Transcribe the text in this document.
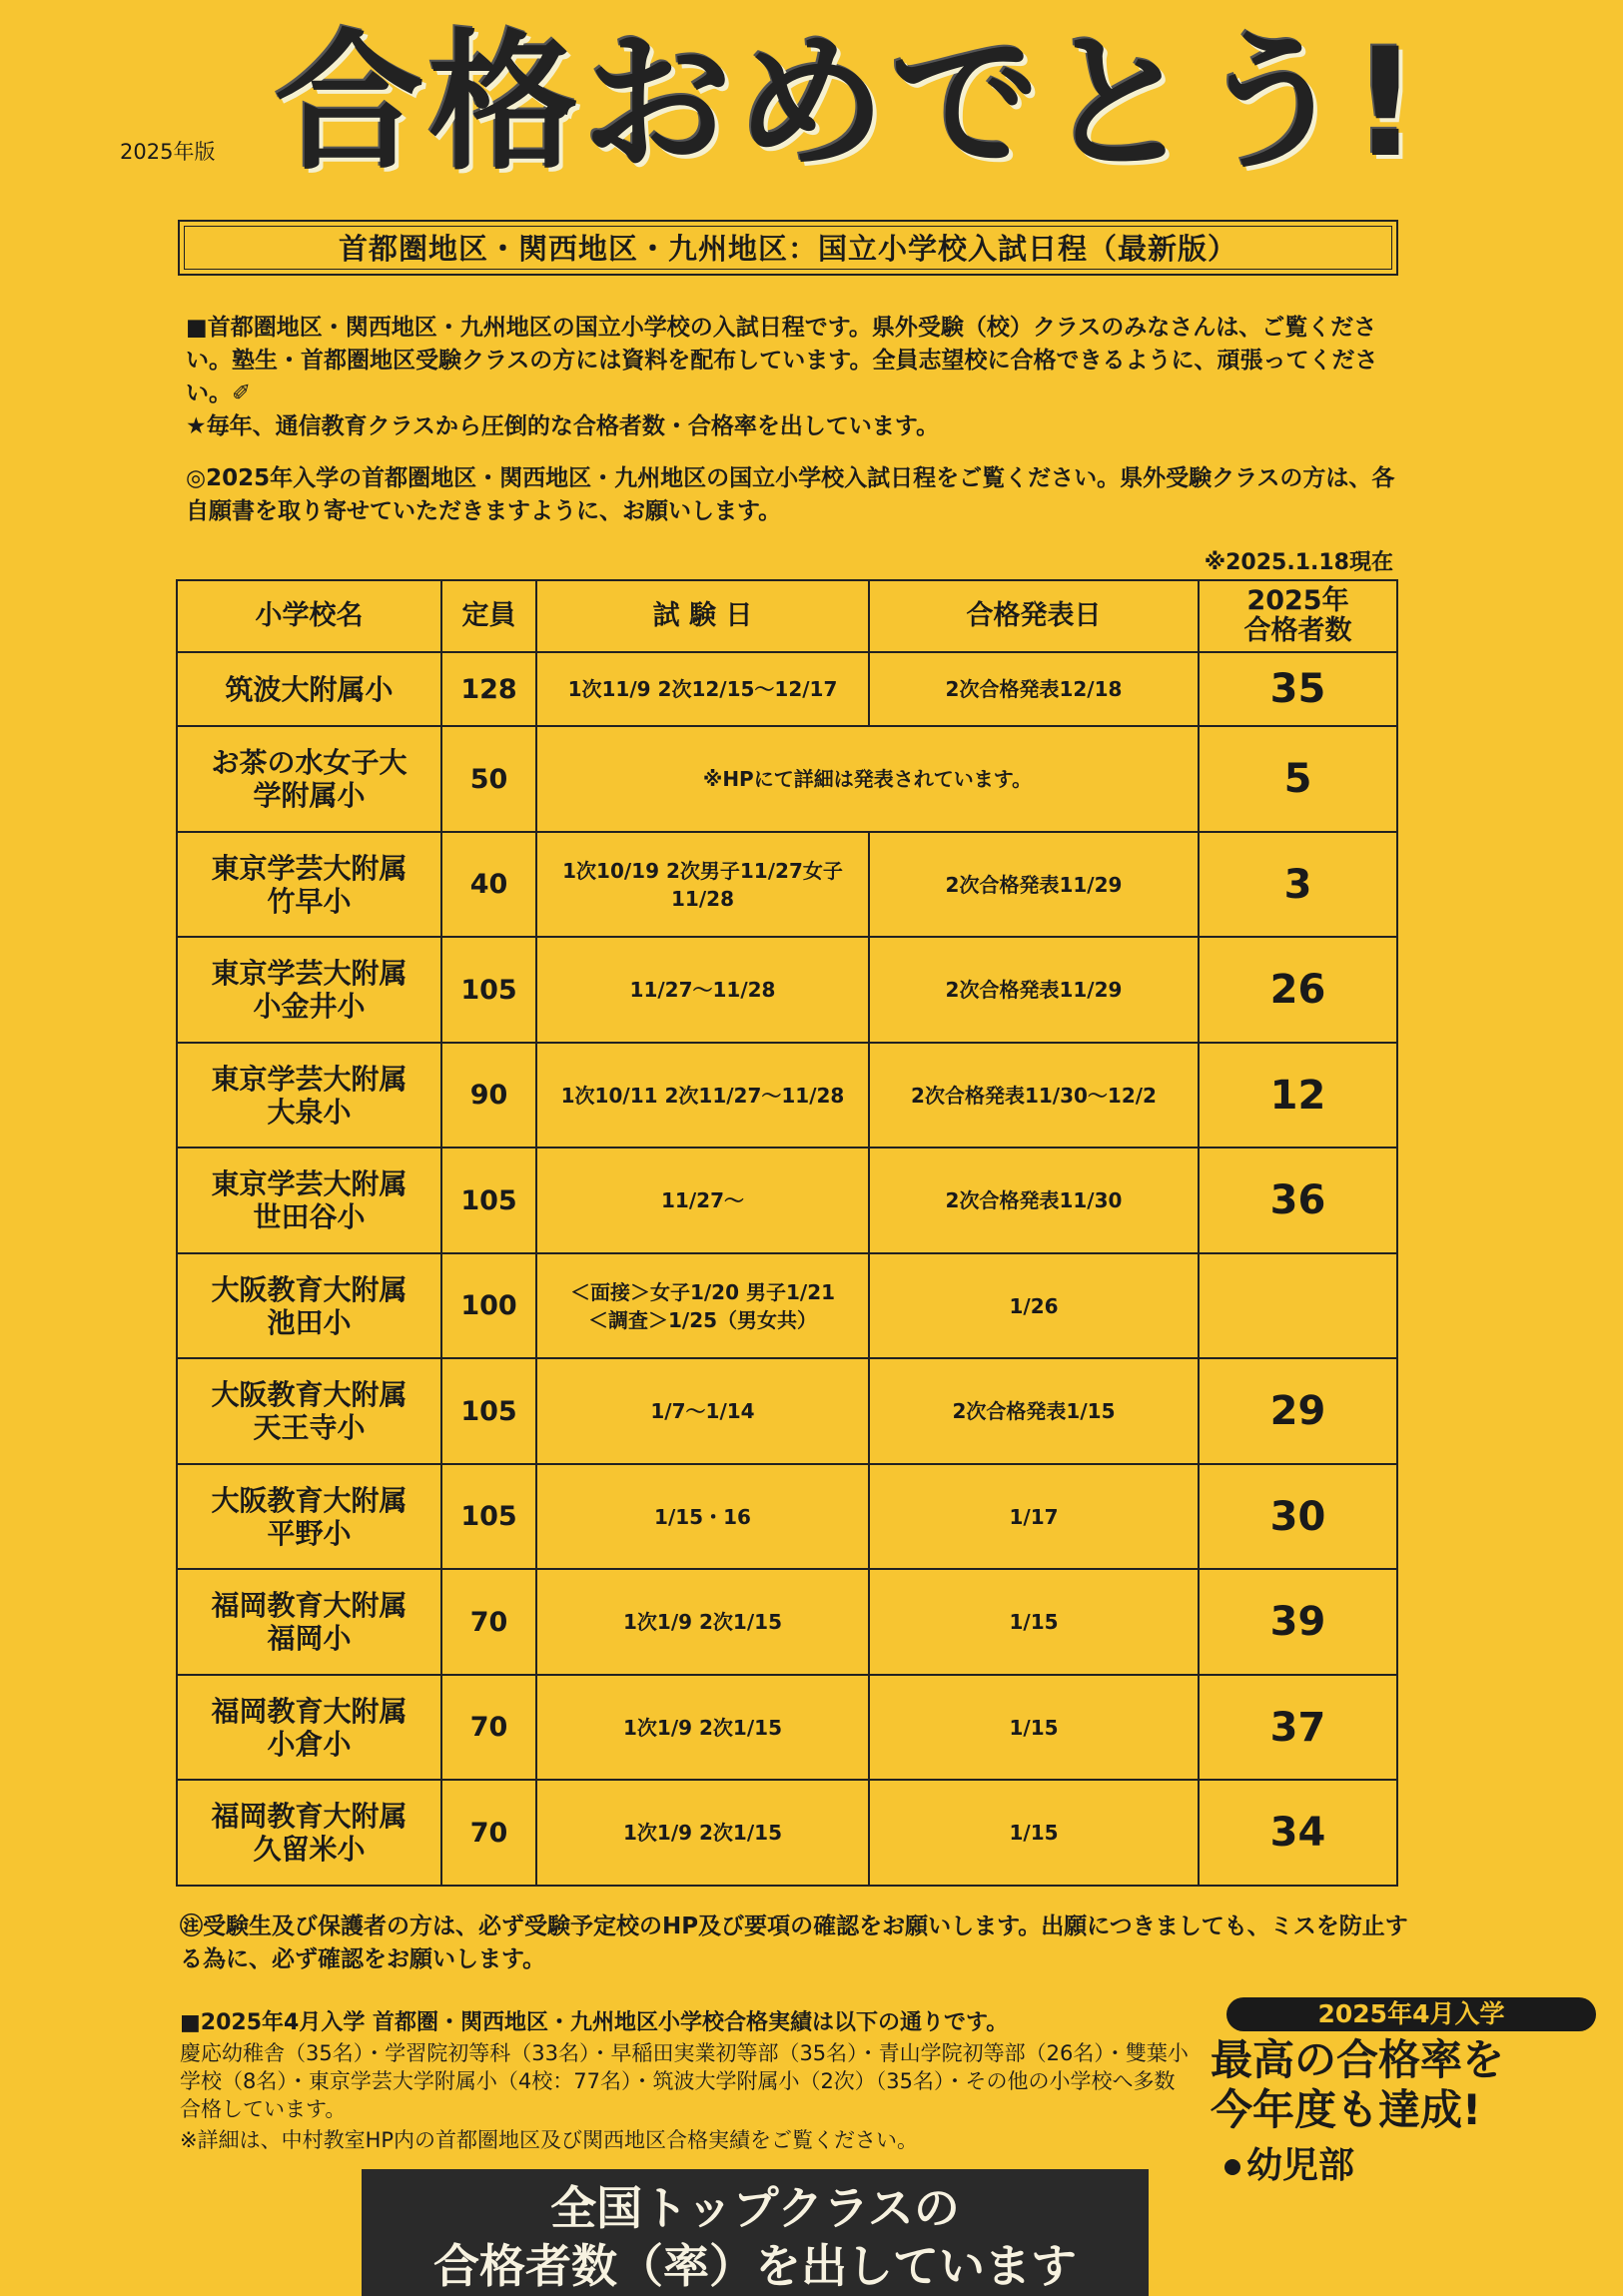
2025年版 合格おめでとう!
首都圏地区・関西地区・九州地区：国立小学校入試日程（最新版）
■首都圏地区・関西地区・九州地区の国立小学校の入試日程です。県外受験（校）クラスのみなさんは、ご覧ください。塾生・首都圏地区受験クラスの方には資料を配布しています。全員志望校に合格できるように、頑張ってください。✐
★毎年、通信教育クラスから圧倒的な合格者数・合格率を出しています。
◎2025年入学の首都圏地区・関西地区・九州地区の国立小学校入試日程をご覧ください。県外受験クラスの方は、各自願書を取り寄せていただきますように、お願いします。
※2025.1.18現在
小学校名	定員	試 験 日	合格発表日	2025年
合格者数
筑波大附属小	128	1次11/9 2次12/15～12/17	2次合格発表12/18	35
お茶の水女子大
学附属小	50	※HPにて詳細は発表されています。		5
東京学芸大附属
竹早小	40	1次10/19 2次男子11/27女子11/28	2次合格発表11/29	3
東京学芸大附属
小金井小	105	11/27～11/28	2次合格発表11/29	26
東京学芸大附属
大泉小	90	1次10/11 2次11/27～11/28	2次合格発表11/30～12/2	12
東京学芸大附属
世田谷小	105	11/27～	2次合格発表11/30	36
大阪教育大附属
池田小	100	＜面接＞女子1/20 男子1/21
＜調査＞1/25（男女共）	1/26	
大阪教育大附属
天王寺小	105	1/7～1/14	2次合格発表1/15	29
大阪教育大附属
平野小	105	1/15・16	1/17	30
福岡教育大附属
福岡小	70	1次1/9 2次1/15	1/15	39
福岡教育大附属
小倉小	70	1次1/9 2次1/15	1/15	37
福岡教育大附属
久留米小	70	1次1/9 2次1/15	1/15	34
㊟受験生及び保護者の方は、必ず受験予定校のHP及び要項の確認をお願いします。出願につきましても、ミスを防止する為に、必ず確認をお願いします。
■2025年4月入学 首都圏・関西地区・九州地区小学校合格実績は以下の通りです。
慶応幼稚舎（35名）・学習院初等科（33名）・早稲田実業初等部（35名）・青山学院初等部（26名）・雙葉小学校（8名）・東京学芸大学附属小（4校：77名）・筑波大学附属小（2次）（35名）・その他の小学校へ多数合格しています。
※詳細は、中村教室HP内の首都圏地区及び関西地区合格実績をご覧ください。
2025年4月入学
最高の合格率を
今年度も達成!
幼児部
全国トップクラスの
合格者数（率）を出しています
